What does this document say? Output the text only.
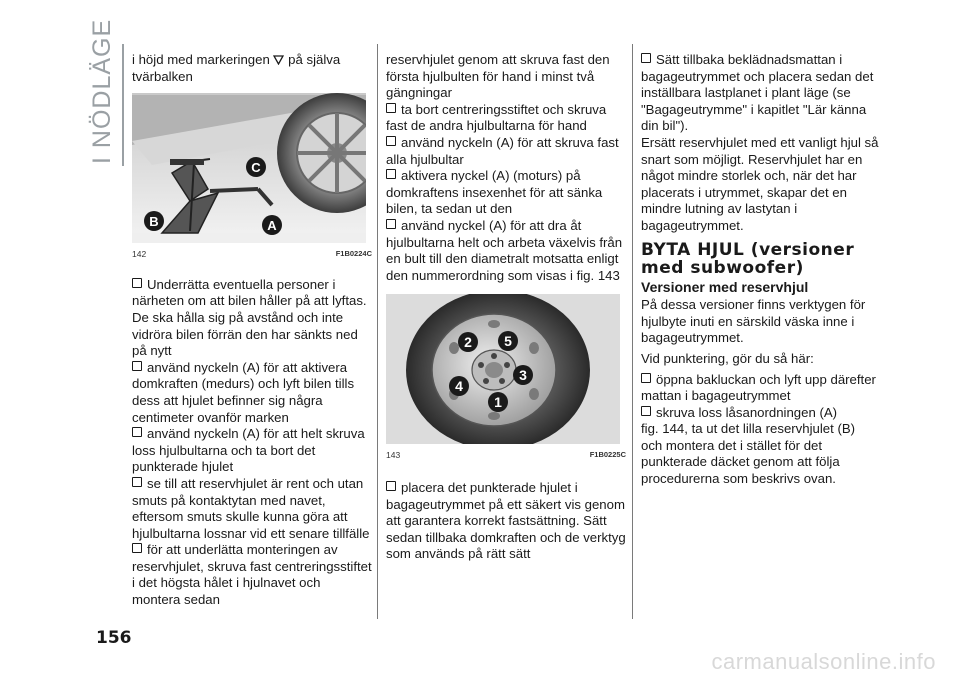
I NÖDLÄGE i höjd med markeringen på själva
tvärbalken

C
B	A
142	F1B0224C

Underrätta eventuella personer i närheten om att bilen håller på att lyftas. De ska hålla sig på avstånd och inte vidröra bilen förrän den har sänkts ned på nytt

använd nyckeln (A) för att aktivera domkraften (medurs) och lyft bilen tills dess att hjulet befinner sig några centimeter ovanför marken

använd nyckeln (A) för att helt skruva loss hjulbultarna och ta bort det punkterade hjulet

se till att reservhjulet är rent och utan smuts på kontaktytan med navet, eftersom smuts skulle kunna göra att hjulbultarna lossnar vid ett senare tillfälle

för att underlätta monteringen av reservhjulet, skruva fast centreringsstiftet i det högsta hålet i hjulnavet och montera sedan

reservhjulet genom att skruva fast den första hjulbulten för hand i minst två gängningar

ta bort centreringsstiftet och skruva fast de andra hjulbultarna för hand

använd nyckeln (A) för att skruva fast alla hjulbultar

aktivera nyckel (A) (moturs) på domkraftens insexenhet för att sänka bilen, ta sedan ut den

använd nyckel (A) för att dra åt hjulbultarna helt och arbeta växelvis från en bult till den diametralt motsatta enligt den nummerordning som visas i fig. 143

2 5
3
4
1
143	F1B0225C

placera det punkterade hjulet i bagageutrymmet på ett säkert vis genom att garantera korrekt fastsättning. Sätt sedan tillbaka domkraften och de verktyg som används på rätt sätt

Sätt tillbaka beklädnadsmattan i bagageutrymmet och placera sedan det inställbara lastplanet i plant läge (se "Bagageutrymme" i kapitlet "Lär känna din bil").

Ersätt reservhjulet med ett vanligt hjul så snart som möjligt. Reservhjulet har en något mindre storlek och, när det har placerats i utrymmet, skapar det en mindre lutning av lastytan i bagageutrymmet.

BYTA HJUL (versioner med subwoofer)
Versioner med reservhjul

På dessa versioner finns verktygen för hjulbyte inuti en särskild väska inne i bagageutrymmet.

Vid punktering, gör du så här:

öppna bakluckan och lyft upp därefter mattan i bagageutrymmet

skruva loss låsanordningen (A)

fig. 144, ta ut det lilla reservhjulet (B) och montera det i stället för det punkterade däcket genom att följa procedurerna som beskrivs ovan.

156
carmanualsonline.info
